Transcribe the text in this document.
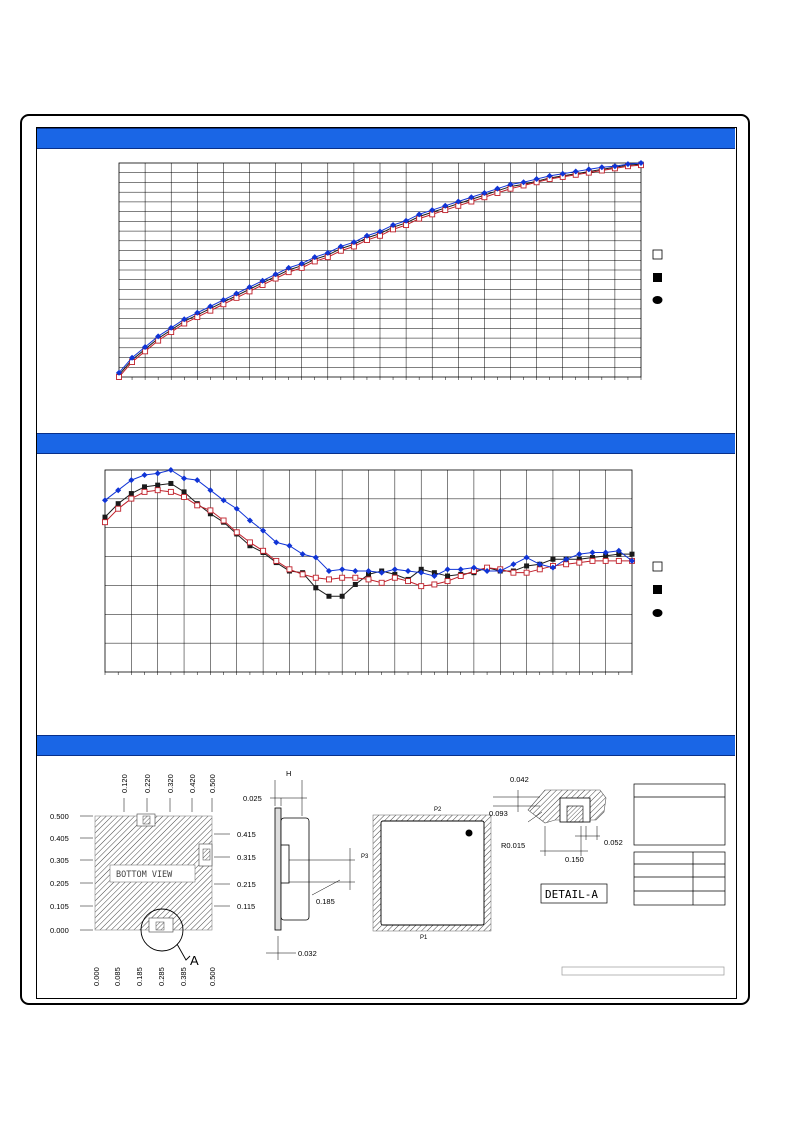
0.120 0.220 0.320 0.420 0.500
0.500
0.405
0.305
0.205
0.105
0.000
0.415
0.315
0.215
0.115
0.000 0.085 0.185 0.285 0.385	0.500
BOTTOM VIEW
A
H
0.025
0.185
0.032
P2
P3
P1
0.042
0.093
R0.015
0.150
0.052
DETAIL-A
